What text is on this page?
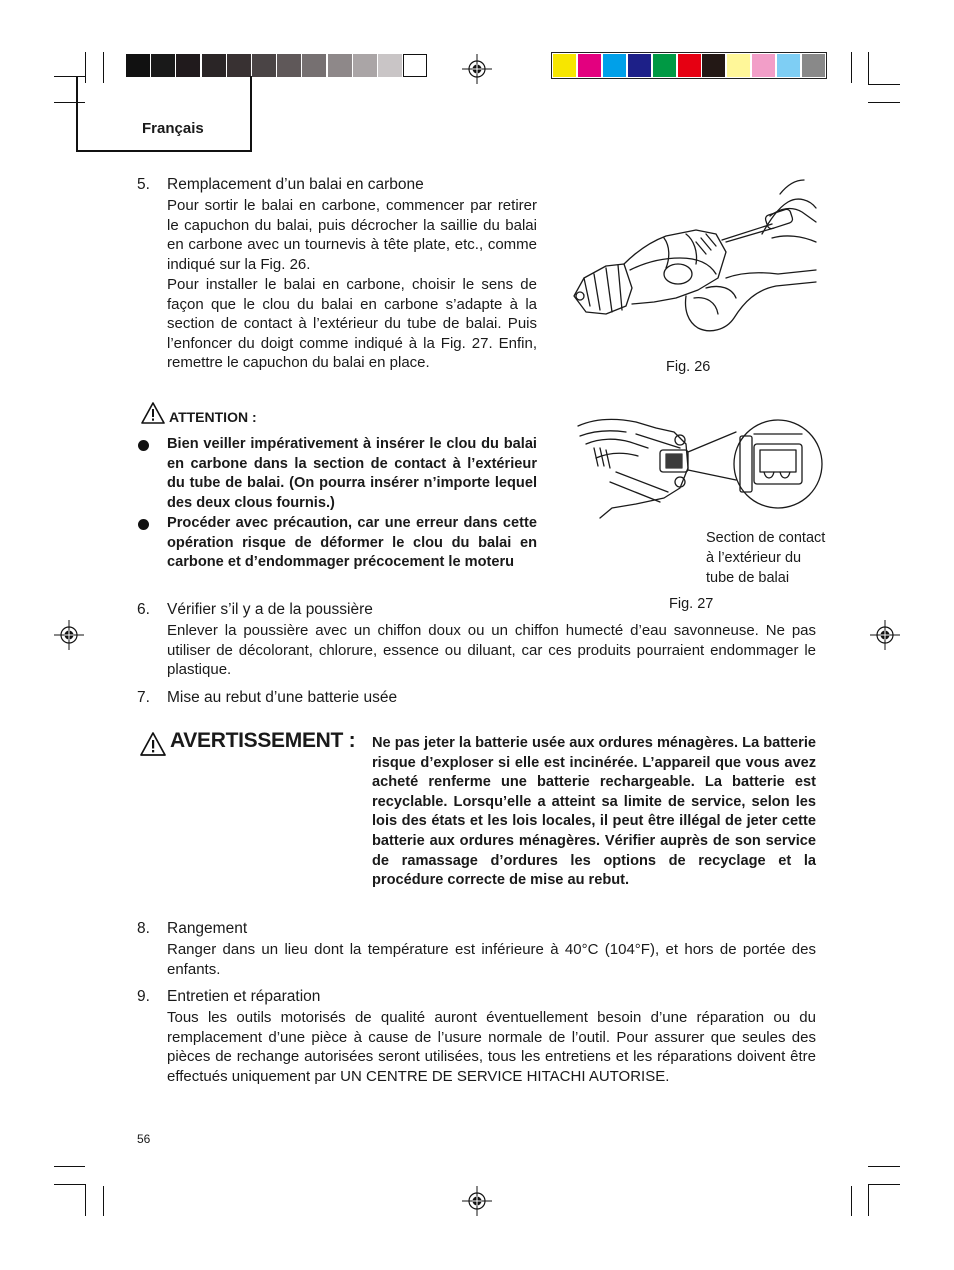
Français
5. Remplacement d’un balai en carbone
Pour sortir le balai en carbone, commencer par retirer le capuchon du balai, puis décrocher la saillie du balai en carbone avec un tournevis à tête plate, etc., comme indiqué sur la Fig. 26.
Pour installer le balai en carbone, choisir le sens de façon que le clou du balai en carbone s’adapte à la section de contact à l’extérieur du tube de balai. Puis l’enfoncer du doigt comme indiqué à la Fig. 27. Enfin, remettre le capuchon du balai en place.
ATTENTION :
Bien veiller impérativement à insérer le clou du balai en carbone dans la section de contact à l’extérieur du tube de balai. (On pourra insérer n’importe lequel des deux clous fournis.)
Procéder avec précaution, car une erreur dans cette opération risque de déformer le clou du balai en carbone et d’endommager précocement le moteru
Fig. 26
Section de contact
à l’extérieur du
tube de balai
Fig. 27
6. Vérifier s’il y a de la poussière
Enlever la poussière avec un chiffon doux ou un chiffon humecté d’eau savonneuse. Ne pas utiliser de décolorant, chlorure, essence ou diluant, car ces produits pourraient endommager le plastique.
7. Mise au rebut d’une batterie usée
AVERTISSEMENT : Ne pas jeter la batterie usée aux ordures ménagères. La batterie risque d’exploser si elle est incinérée. L’appareil que vous avez acheté renferme une batterie rechargeable. La batterie est recyclable. Lorsqu’elle a atteint sa limite de service, selon les lois des états et les lois locales, il peut être illégal de jeter cette batterie aux ordures ménagères. Vérifier auprès de son service de ramassage d’ordures les options de recyclage et la procédure correcte de mise au rebut.
8. Rangement
Ranger dans un lieu dont la température est inférieure à 40°C (104°F), et hors de portée des enfants.
9. Entretien et réparation
Tous les outils motorisés de qualité auront éventuellement besoin d’une réparation ou du remplacement d’une pièce à cause de l’usure normale de l’outil. Pour assurer que seules des pièces de rechange autorisées seront utilisées, tous les entretiens et les réparations doivent être effectués uniquement par UN CENTRE DE SERVICE HITACHI AUTORISE.
56
